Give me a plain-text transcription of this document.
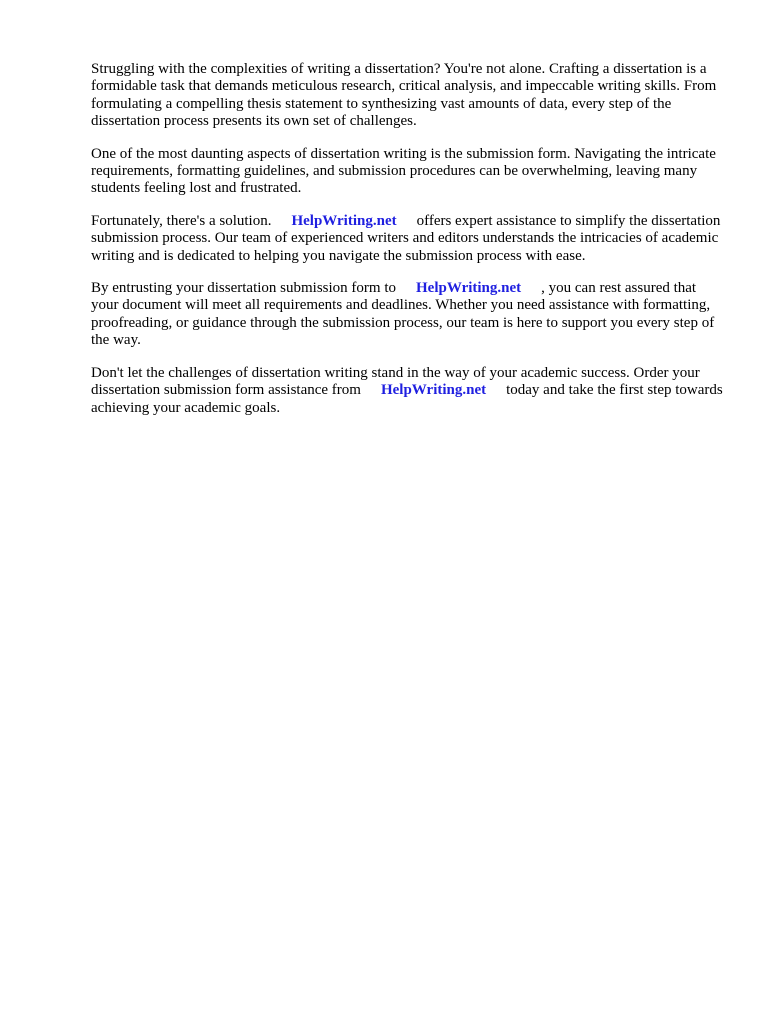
Struggling with the complexities of writing a dissertation? You're not alone. Crafting a dissertation is a formidable task that demands meticulous research, critical analysis, and impeccable writing skills. From formulating a compelling thesis statement to synthesizing vast amounts of data, every step of the dissertation process presents its own set of challenges.

One of the most daunting aspects of dissertation writing is the submission form. Navigating the intricate requirements, formatting guidelines, and submission procedures can be overwhelming, leaving many students feeling lost and frustrated.

Fortunately, there's a solution. HelpWriting.net offers expert assistance to simplify the dissertation submission process. Our team of experienced writers and editors understands the intricacies of academic writing and is dedicated to helping you navigate the submission process with ease.

By entrusting your dissertation submission form to HelpWriting.net , you can rest assured that your document will meet all requirements and deadlines. Whether you need assistance with formatting, proofreading, or guidance through the submission process, our team is here to support you every step of the way.

Don't let the challenges of dissertation writing stand in the way of your academic success. Order your dissertation submission form assistance from HelpWriting.net today and take the first step towards achieving your academic goals.
